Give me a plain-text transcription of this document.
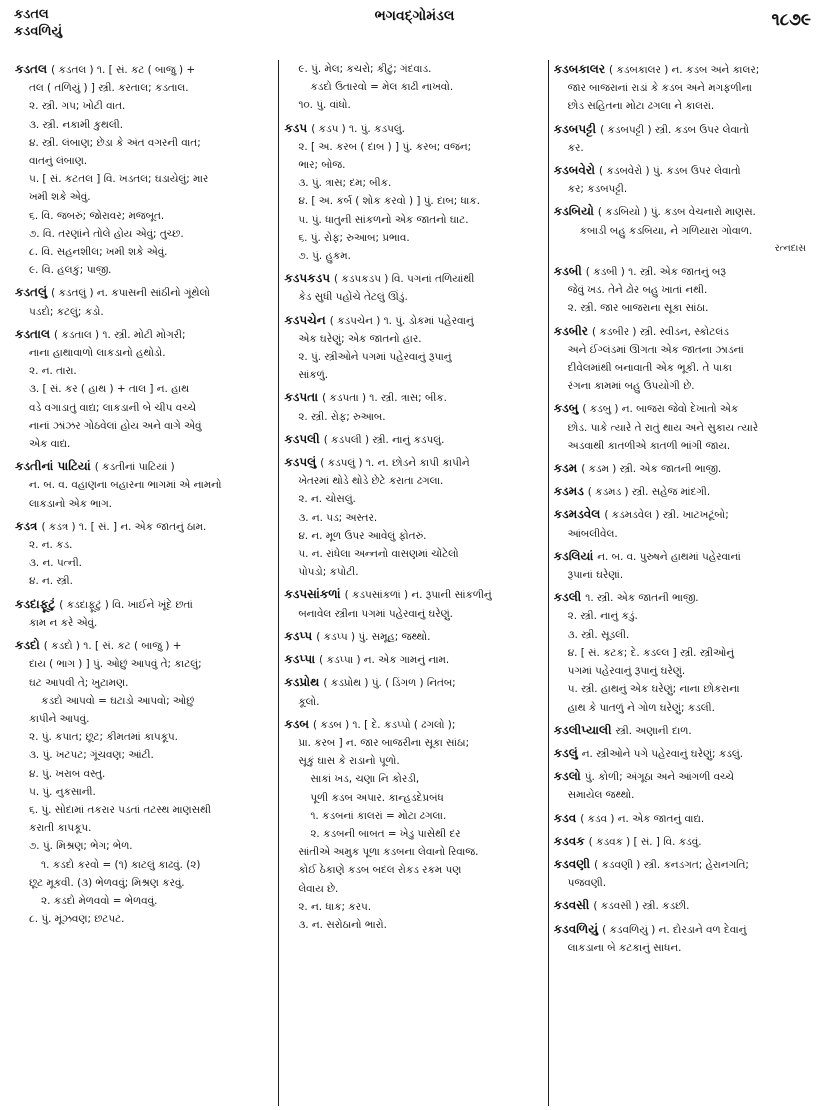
કડતલ
કડવળિયું
ભગવદ્ગોમંડલ	૧૮૭૯
કડતલ ( કડતલ ) ૧. [ સં. કટ ( બાજુ ) +
તલ ( તળિયું ) ] સ્ત્રી. કરતાલ; કડતાલ.
૨. સ્ત્રી. ગપ; ખોટી વાત.
૩. સ્ત્રી. નકામી કુથલી.
૪. સ્ત્રી. લંબાણ; છેડા કે અંત વગરની વાત;
વાતનું લંબાણ.
૫. [ સં. કટતલ ] વિ. ખડતલ; ઘડાયેલું; માર
ખમી શકે એવું.
૬. વિ. જબરું; જોરાવર; મજબૂત.
૭. વિ. તરણાંને તોલે હોય એવું; તુચ્છ.
૮. વિ. સહનશીલ; ખમી શકે એવું.
૯. વિ. હલકું; પાજી.
કડતલું ( કડતલું ) ન. કપાસની સાંઠીનો ગૂંથેલો
પડદો; કટલું; કડો.
કડતાલ ( કડતાલ ) ૧. સ્ત્રી. મોટી મોગરી;
નાના હાથાવાળો લાકડાનો હથોડો.
૨. ન. તારા.
૩. [ સં. કર ( હાથ ) + તાલ ] ન. હાથ
વડે વગાડાતું વાદ્ય; લાકડાની બે ચીપ વચ્ચે
નાનાં ઝાંઝર ગોઠવેલાં હોય અને વાગે એવું
એક વાદ્ય.
કડતીનાં પાટિયાં ( કડતીનાં પાટિયાં )
ન. બ. વ. વહાણના બહારના ભાગમાં એ નામનો
લાકડાનો એક ભાગ.
કડત્ર ( કડત્ર ) ૧. [ સં. ] ન. એક જાતનું ઠામ.
૨. ન. કડ.
૩. ન. પત્ની.
૪. ન. સ્ત્રી.
કડદાફૂટું ( કડદાફૂટું ) વિ. ખાઈને ખૂંદે છતાં
કામ ન કરે એવું.
કડદો ( કડદો ) ૧. [ સં. કટ ( બાજુ ) +
દાય ( ભાગ ) ] પું. ઓછું આપવું તે; કાટલું;
ઘટ આપવી તે; ખુટામણ.
કડદો આપવો = ઘટાડો આપવો; ઓછું
કાપીને આપવું.
૨. પું. કપાત; છૂટ; કીમતમાં કાપકૂપ.
૩. પું. ખટપટ; ગૂંચવણ; આંટી.
૪. પું. ખરાબ વસ્તુ.
૫. પું. નુકસાની.
૬. પું. સોદામાં તકરાર પડતાં તટસ્થ માણસથી
કરાતી કાપકૂપ.
૭. પું. મિશ્રણ; ભેગ; ભેળ.
૧. કડદો કરવો = (૧) કાટલું કાઢવું. (૨)
છૂટ મૂકવી. (૩) ભેળવવું; મિશ્રણ કરવું.
૨. કડદો મેળવવો = ભેળવવું.
૮. પું. મૂંઝવણ; છટપટ.
૯. પું. મેલ; કચરો; કીટું; ગંદવાડ.
કડદો ઉતારવો = મેલ કાઢી નાખવો.
૧૦. પું. વાંધો.
કડપ ( કડપ ) ૧. પું. કડપલું.
૨. [ અ. કરબ ( દાબ ) ] પું. કરબ; વજન;
ભાર; બોજ.
૩. પું. ત્રાસ; દમ; બીક.
૪. [ અ. કર્બ ( શોક કરવો ) ] પું. દાબ; ધાક.
૫. પું. ધાતુની સાંકળનો એક જાતનો ઘાટ.
૬. પું. રોફ; રુઆબ; પ્રભાવ.
૭. પું. હુકમ.
કડપકડપ ( કડપકડપ ) વિ. પગનાં તળિયાંથી
કેડ સુધી પહોંચે તેટલું ઊંડું.
કડપચેન ( કડપચેન ) ૧. પું. ડોકમાં પહેરવાનું
એક ઘરેણું; એક જાતનો હાર.
૨. પું. સ્ત્રીઓને પગમાં પહેરવાનું રૂપાનું
સાંકળું.
કડપતા ( કડપતા ) ૧. સ્ત્રી. ત્રાસ; બીક.
૨. સ્ત્રી. રોફ; રુઆબ.
કડપલી ( કડપલી ) સ્ત્રી. નાનું કડપલું.
કડપલું ( કડપલું ) ૧. ન. છોડને કાપી કાપીને
ખેતરમાં થોડે થોડે છેટે કરાતા ઢગલા.
૨. ન. ચોસલું.
૩. ન. પડ; અસ્તર.
૪. ન. મૂળ ઉપર આવેલું ફોતરું.
૫. ન. રાંધેલા અન્નનો વાસણમાં ચોંટેલો
પોપડો; કપોટી.
કડપસાંકળાં ( કડપસાંકળાં ) ન. રૂપાની સાંકળીનું
બનાવેલ સ્ત્રીના પગમાં પહેરવાનું ઘરેણું.
કડપ્પ ( કડપ્પ ) પું. સમૂહ; જથ્થો.
કડપ્પા ( કડપ્પા ) ન. એક ગામનું નામ.
કડપ્રોથ ( કડપ્રોથ ) પું. ( ડિંગળ ) નિતંબ;
કૂલો.
કડબ ( કડબ ) ૧. [ દે. કડપ્પો ( ઢગલો );
પ્રા. કરબ ] ન. જાર બાજરીના સૂકા સાંઠા;
સૂકું ઘાસ કે રાડાનો પૂળો.
સાકાં ખડ, ચણા નિ કોરડી,
પૂળી કડબ અપાર. કાન્હડદેપ્રબંધ
૧. કડબનાં કાલરાં = મોટા ઢગલા.
૨. કડબની બાબત = ખેડુ પાસેથી દર
સાંતીએ અમુક પૂળા કડબના લેવાનો રિવાજ.
કોઈ ઠેકાણે કડબ બદલ રોકડ રકમ પણ
લેવાય છે.
૨. ન. ધાક; કરપ.
૩. ન. સરોઠાનો ભારો.
કડબકાલર ( કડબકાલર ) ન. કડબ અને કાલર;
જાર બાજરાનાં રાડાં કે કડબ અને મગફળીના
છોડ સહિતના મોટા ઢગલા ને કાલરાં.
કડબપટ્ટી ( કડબપટ્ટી ) સ્ત્રી. કડબ ઉપર લેવાતો
કર.
કડબવેરો ( કડબવેરો ) પું. કડબ ઉપર લેવાતો
કર; કડબપટ્ટી.
કડબિયો ( કડબિયો ) પું. કડબ વેચનારો માણસ.
કબાડી બહુ કડબિયા, ને ગળિયારા ગોવાળ.
રત્નદાસ
કડબી ( કડબી ) ૧. સ્ત્રી. એક જાતનું બરૂ
જેવું ખડ. તેને ઢોર બહુ ખાતાં નથી.
૨. સ્ત્રી. જાર બાજરાના સૂકા સાંઠા.
કડબીર ( કડબીર ) સ્ત્રી. સ્વીડન, સ્કોટલંડ
અને ઈંગ્લંડમાં ઊગતા એક જાતના ઝાડનાં
દીવેલમાંથી બનાવાતી એક ભૂકી. તે પાકા
રંગના કામમાં બહુ ઉપયોગી છે.
કડબુ ( કડબુ ) ન. બાજરા જેવો દેખાતો એક
છોડ. પાકે ત્યારે તે રાતું થાય અને સુકાય ત્યારે
અડવાથી કાતળીએ કાતળી ભાંગી જાય.
કડમ ( કડમ ) સ્ત્રી. એક જાતની ભાજી.
કડમડ ( કડમડ ) સ્ત્રી. સહેજ માંદગી.
કડમડવેલ ( કડમડવેલ ) સ્ત્રી. ખાટખટૂંબો;
આંબલીવેલ.
કડલિયાં ન. બ. વ. પુરુષને હાથમાં પહેરવાનાં
રૂપાનાં ઘરેણાં.
કડલી ૧. સ્ત્રી. એક જાતની ભાજી.
૨. સ્ત્રી. નાનું કડું.
૩. સ્ત્રી. સૂડલી.
૪. [ સં. કટક; દે. કડલ્લ ] સ્ત્રી. સ્ત્રીઓનું
પગમાં પહેરવાનું રૂપાનું ઘરેણું.
૫. સ્ત્રી. હાથનું એક ઘરેણું; નાના છોકરાના
હાથ કે પાતળું ને ગોળ ઘરેણું; કડલી.
કડલીપ્યાલી સ્ત્રી. અણાની દાળ.
કડલું ન. સ્ત્રીઓને પગે પહેરવાનું ઘરેણું; કડલું.
કડલો પું. કોળી; અંગૂઠા અને આંગળી વચ્ચે
સમાયેલ જથ્થો.
કડવ ( કડવ ) ન. એક જાતનું વાદ્ય.
કડવક ( કડવક ) [ સં. ] વિ. કડવું.
કડવણી ( કડવણી ) સ્ત્રી. કનડગત; હેરાનગતિ;
પજવણી.
કડવસી ( કડવસી ) સ્ત્રી. કડછી.
કડવળિયું ( કડવળિયું ) ન. દોરડાને વળ દેવાનું
લાકડાના બે કટકાનું સાધન.
